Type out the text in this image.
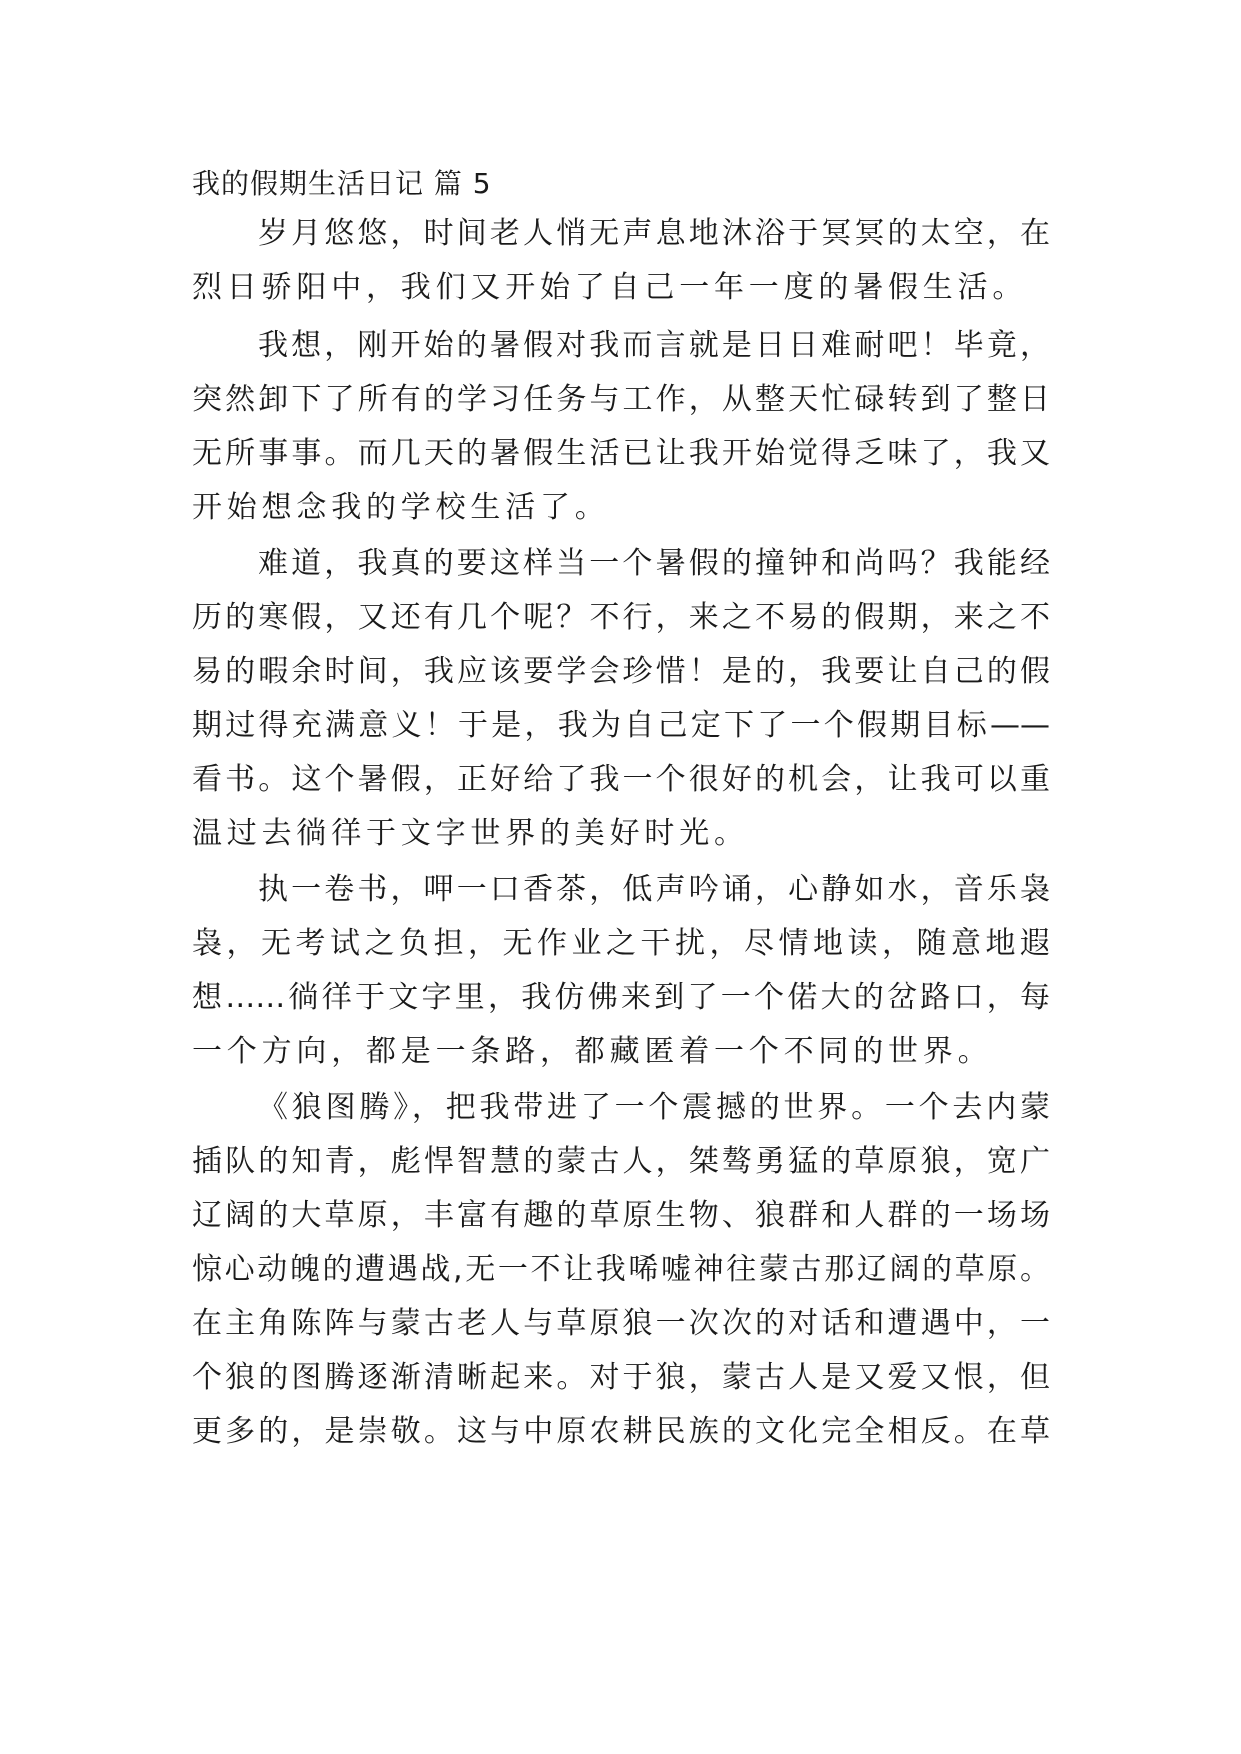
我的假期生活日记 篇 5
岁月悠悠，时间老人悄无声息地沐浴于冥冥的太空，在
烈日骄阳中，我们又开始了自己一年一度的暑假生活。
我想，刚开始的暑假对我而言就是日日难耐吧！毕竟，
突然卸下了所有的学习任务与工作，从整天忙碌转到了整日
无所事事。而几天的暑假生活已让我开始觉得乏味了，我又
开始想念我的学校生活了。
难道，我真的要这样当一个暑假的撞钟和尚吗？我能经
历的寒假，又还有几个呢？不行，来之不易的假期，来之不
易的暇余时间，我应该要学会珍惜！是的，我要让自己的假
期过得充满意义！于是，我为自己定下了一个假期目标——
看书。这个暑假，正好给了我一个很好的机会，让我可以重
温过去徜徉于文字世界的美好时光。
执一卷书，呷一口香茶，低声吟诵，心静如水，音乐袅
袅，无考试之负担，无作业之干扰，尽情地读，随意地遐
想……徜徉于文字里，我仿佛来到了一个偌大的岔路口，每
一个方向，都是一条路，都藏匿着一个不同的世界。
《狼图腾》，把我带进了一个震撼的世界。一个去内蒙
插队的知青，彪悍智慧的蒙古人，桀骜勇猛的草原狼，宽广
辽阔的大草原，丰富有趣的草原生物、狼群和人群的一场场
惊心动魄的遭遇战,无一不让我唏嘘神往蒙古那辽阔的草原。
在主角陈阵与蒙古老人与草原狼一次次的对话和遭遇中，一
个狼的图腾逐渐清晰起来。对于狼，蒙古人是又爱又恨，但
更多的，是崇敬。这与中原农耕民族的文化完全相反。在草
